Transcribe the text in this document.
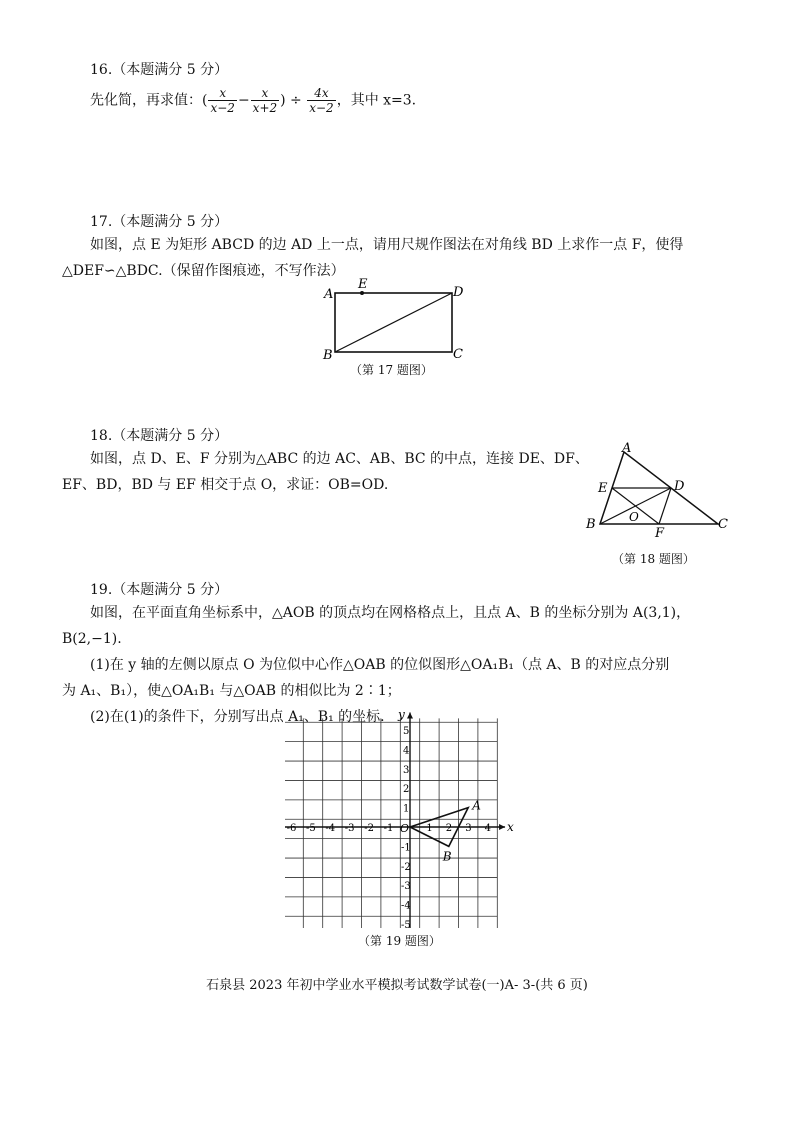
16.（本题满分 5 分）

先化简，再求值：( $\frac{x}{x-2} - \frac{x}{x+2}$ ) ÷ $\frac{4x}{x-2}$ ，其中 x=3.

17.（本题满分 5 分）

如图，点 E 为矩形 ABCD 的边 AD 上一点，请用尺规作图法在对角线 BD 上求作一点 F，使得

△DEF∽△BDC.（保留作图痕迹，不写作法）

A
E
D
B	C
（第 17 题图）
18.（本题满分 5 分）

如图，点 D、E、F 分别为△ABC 的边 AC、AB、BC 的中点，连接 DE、DF、

EF、BD，BD 与 EF 相交于点 O，求证：OB=OD.

A
E	D
O
B
F
C
（第 18 题图）
19.（本题满分 5 分）

如图，在平面直角坐标系中，△AOB 的顶点均在网格格点上，且点 A、B 的坐标分别为 A(3,1)，

B(2,−1).

(1)在 y 轴的左侧以原点 O 为位似中心作△OAB 的位似图形△OA₁B₁（点 A、B 的对应点分别

为 A₁、B₁），使△OA₁B₁ 与△OAB 的相似比为 2∶1；

(2)在(1)的条件下，分别写出点 A₁、B₁ 的坐标.

-6 -5 -4 -3 -2 -1	1 2 3 4
5
4
3
2
1
-1
-2
-3
-4
-5
x
y
O
A
B
（第 19 题图）
石泉县 2023 年初中学业水平模拟考试数学试卷(一)A- 3-(共 6 页)
